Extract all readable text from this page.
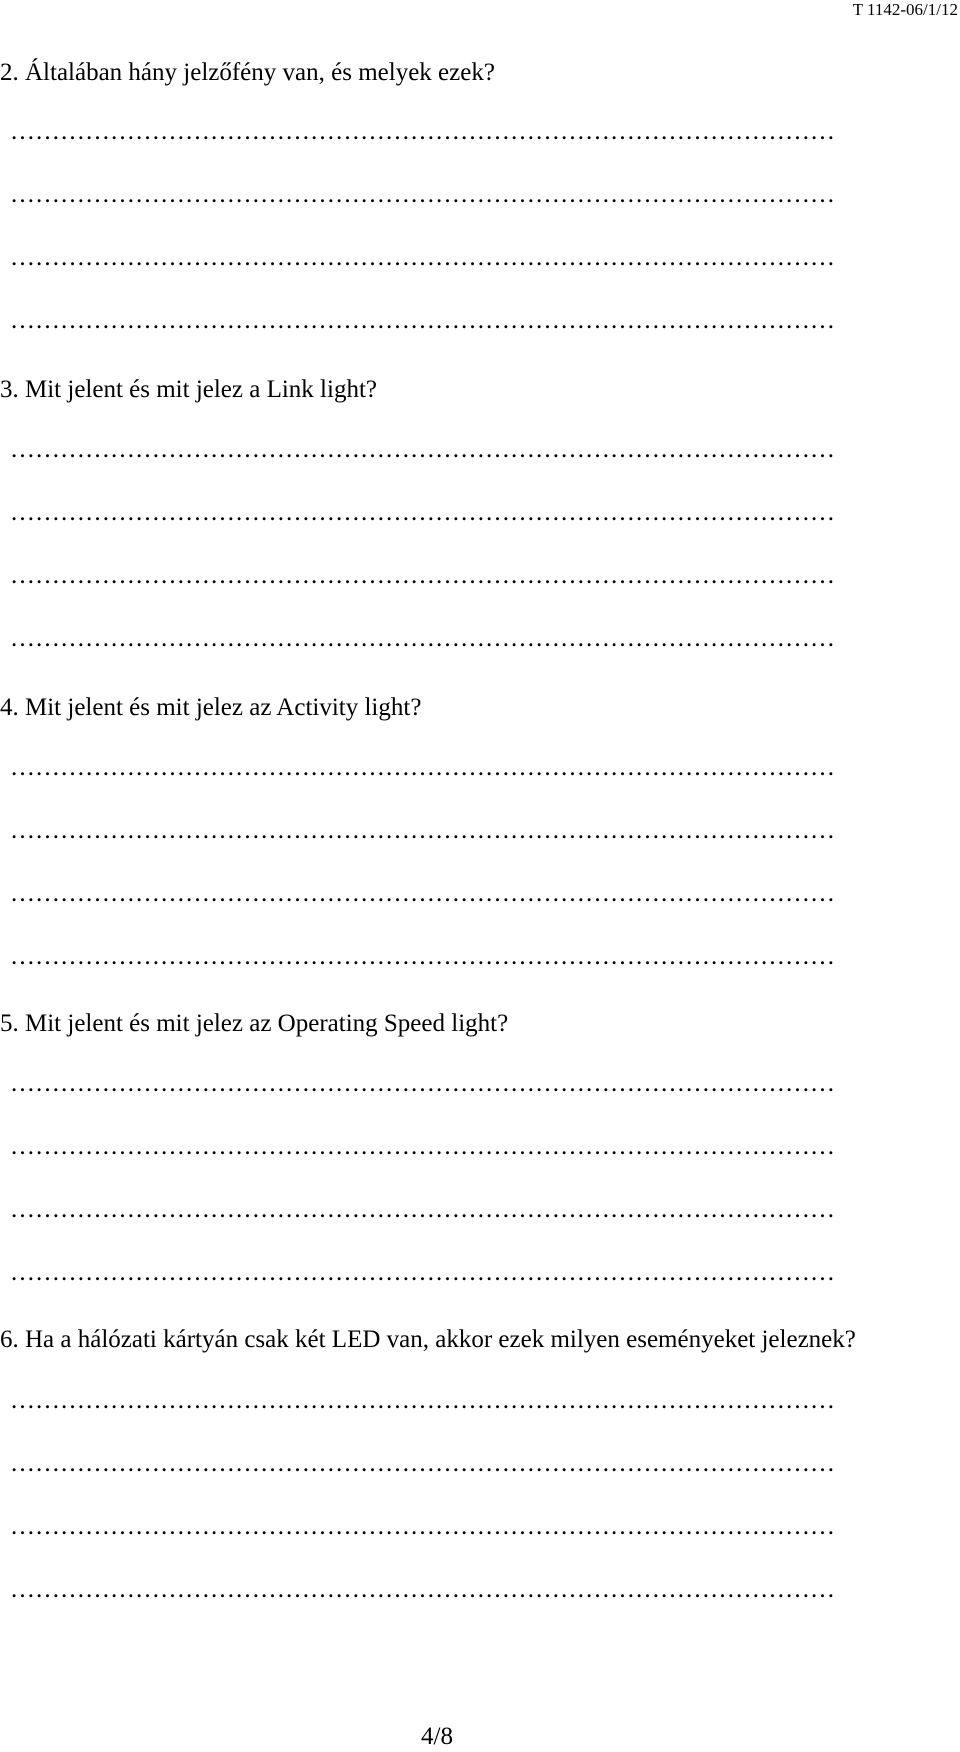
T 1142-06/1/12
2. Általában hány jelzőfény van, és melyek ezek?
………………………………………………………………………………………
………………………………………………………………………………………
………………………………………………………………………………………
………………………………………………………………………………………
3. Mit jelent és mit jelez a Link light?
………………………………………………………………………………………
………………………………………………………………………………………
………………………………………………………………………………………
………………………………………………………………………………………
4. Mit jelent és mit jelez az Activity light?
………………………………………………………………………………………
………………………………………………………………………………………
………………………………………………………………………………………
………………………………………………………………………………………
5. Mit jelent és mit jelez az Operating Speed light?
………………………………………………………………………………………
………………………………………………………………………………………
………………………………………………………………………………………
………………………………………………………………………………………
6. Ha a hálózati kártyán csak két LED van, akkor ezek milyen eseményeket jeleznek?
………………………………………………………………………………………
………………………………………………………………………………………
………………………………………………………………………………………
………………………………………………………………………………………
4/8
